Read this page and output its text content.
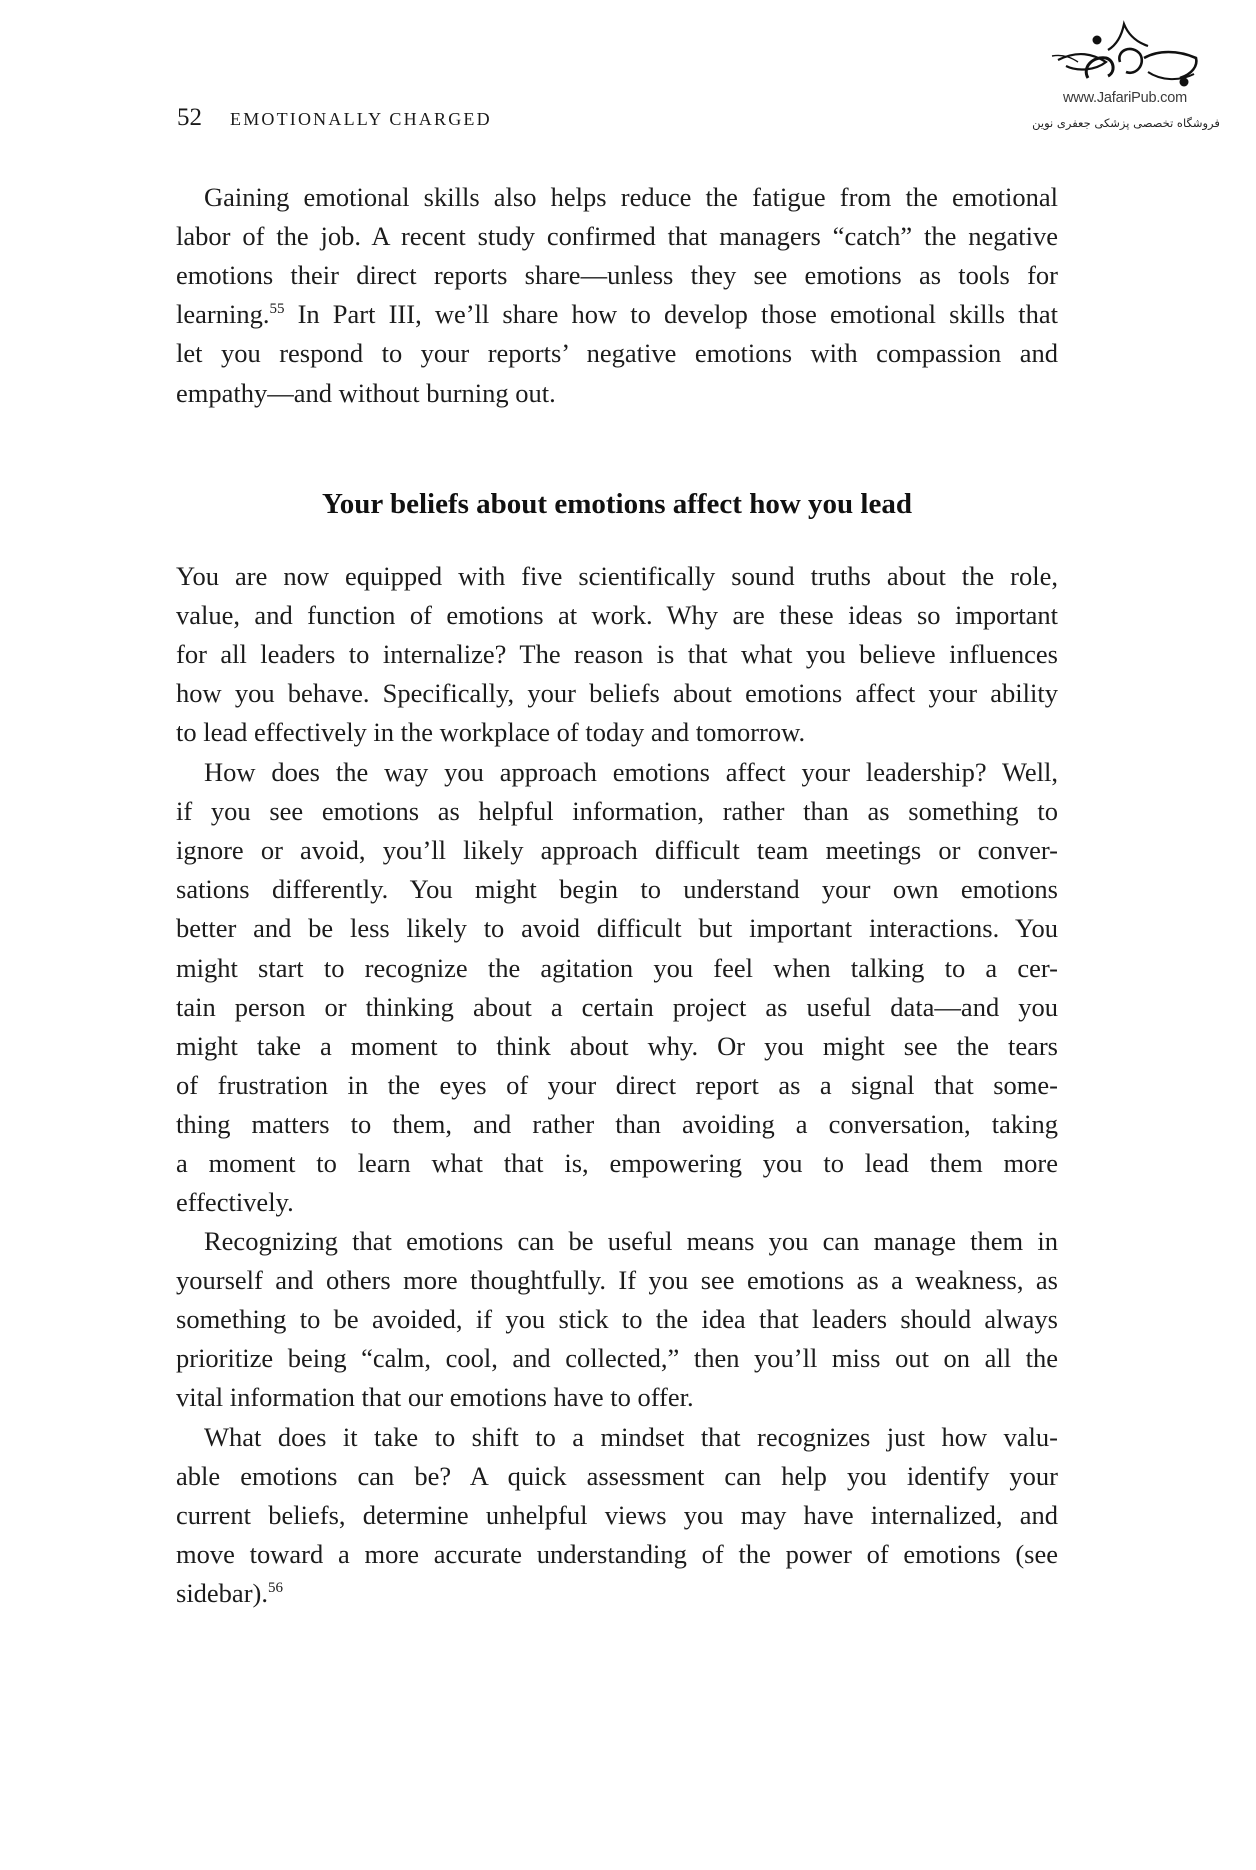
52 EMOTIONALLY CHARGED
www.JafariPub.com
فروشگاه تخصصی پزشکی جعفری نوین
Gaining emotional skills also helps reduce the fatigue from the emotional
labor of the job. A recent study confirmed that managers “catch” the negative
emotions their direct reports share—unless they see emotions as tools for
learning.$^{55}$ In Part III, we’ll share how to develop those emotional skills that
let you respond to your reports’ negative emotions with compassion and
empathy—and without burning out.
You are now equipped with five scientifically sound truths about the role,
value, and function of emotions at work. Why are these ideas so important
for all leaders to internalize? The reason is that what you believe influences
how you behave. Specifically, your beliefs about emotions affect your ability
to lead effectively in the workplace of today and tomorrow.
How does the way you approach emotions affect your leadership? Well,
if you see emotions as helpful information, rather than as something to
ignore or avoid, you’ll likely approach difficult team meetings or conver-
sations differently. You might begin to understand your own emotions
better and be less likely to avoid difficult but important interactions. You
might start to recognize the agitation you feel when talking to a cer-
tain person or thinking about a certain project as useful data—and you
might take a moment to think about why. Or you might see the tears
of frustration in the eyes of your direct report as a signal that some-
thing matters to them, and rather than avoiding a conversation, taking
a moment to learn what that is, empowering you to lead them more
effectively.
Recognizing that emotions can be useful means you can manage them in
yourself and others more thoughtfully. If you see emotions as a weakness, as
something to be avoided, if you stick to the idea that leaders should always
prioritize being “calm, cool, and collected,” then you’ll miss out on all the
vital information that our emotions have to offer.
What does it take to shift to a mindset that recognizes just how valu-
able emotions can be? A quick assessment can help you identify your
current beliefs, determine unhelpful views you may have internalized, and
move toward a more accurate understanding of the power of emotions (see
sidebar).$^{56}$
Your beliefs about emotions affect how you lead
